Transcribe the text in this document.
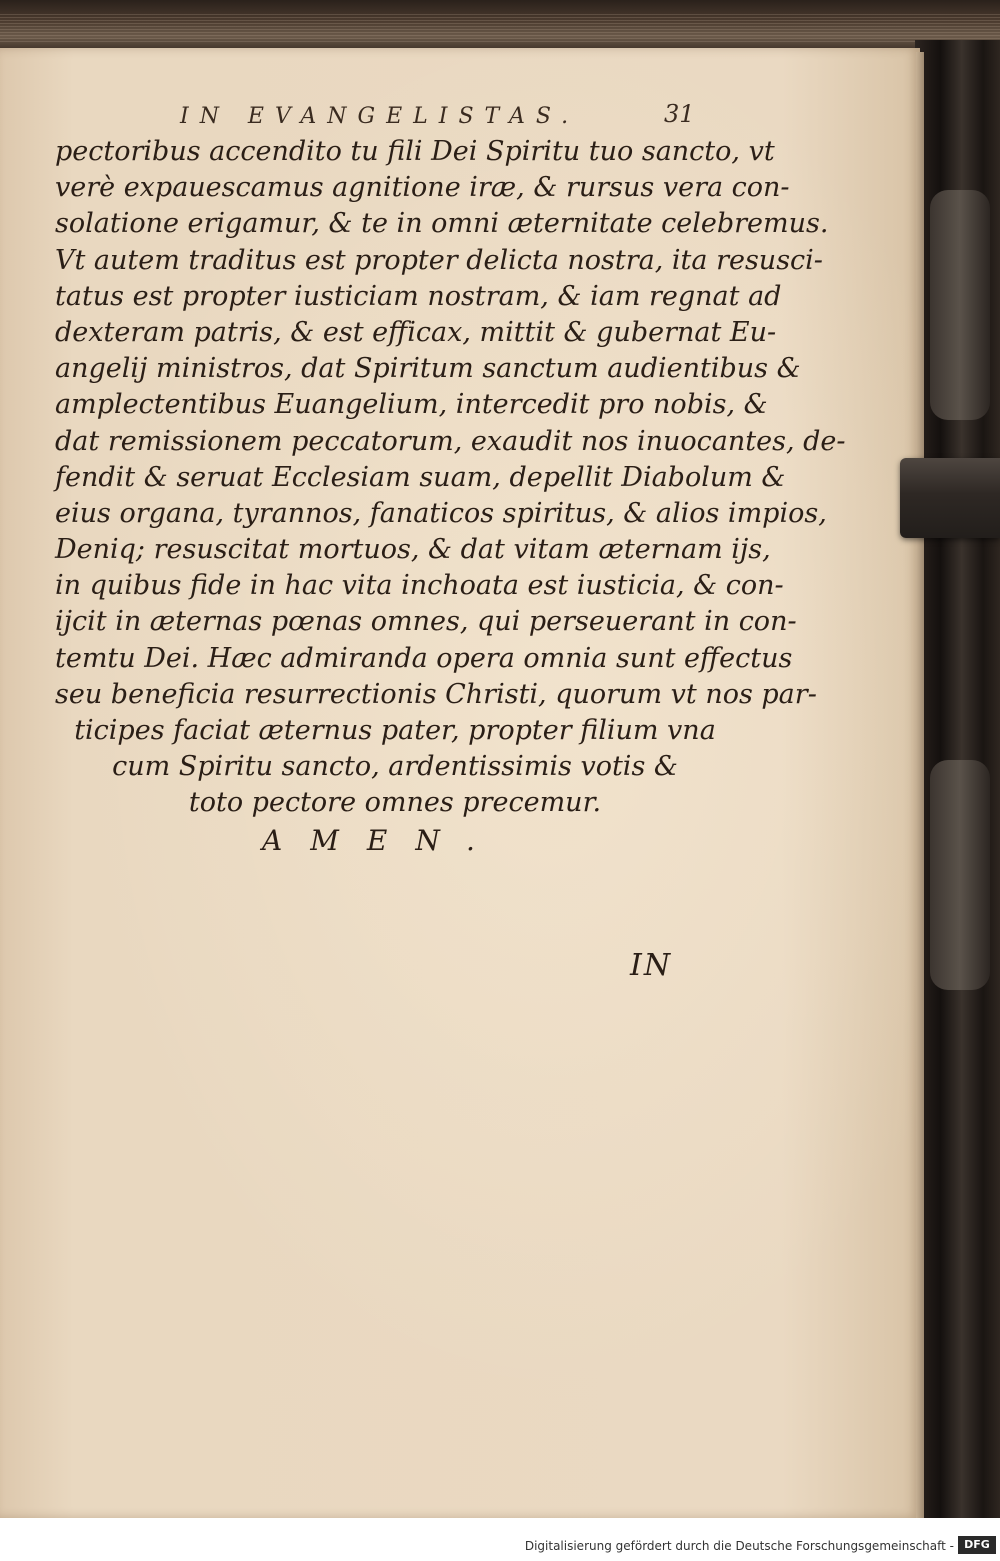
IN EVANGELISTAS.	31
pectoribus accendito tu fili Dei Spiritu tuo sancto, vt
verè expauescamus agnitione iræ, & rursus vera con-
solatione erigamur, & te in omni æternitate celebremus.
Vt autem traditus est propter delicta nostra, ita resusci-
tatus est propter iusticiam nostram, & iam regnat ad
dexteram patris, & est efficax, mittit & gubernat Eu-
angelij ministros, dat Spiritum sanctum audientibus &
amplectentibus Euangelium, intercedit pro nobis, &
dat remissionem peccatorum, exaudit nos inuocantes, de-
fendit & seruat Ecclesiam suam, depellit Diabolum &
eius organa, tyrannos, fanaticos spiritus, & alios impios,
Deniq; resuscitat mortuos, & dat vitam æternam ijs,
in quibus fide in hac vita inchoata est iusticia, & con-
ijcit in æternas pœnas omnes, qui perseuerant in con-
temtu Dei. Hæc admiranda opera omnia sunt effectus
seu beneficia resurrectionis Christi, quorum vt nos par-
ticipes faciat æternus pater, propter filium vna
cum Spiritu sancto, ardentissimis votis &
toto pectore omnes precemur.
AMEN.
IN
Digitalisierung gefördert durch die Deutsche Forschungsgemeinschaft - DFG
